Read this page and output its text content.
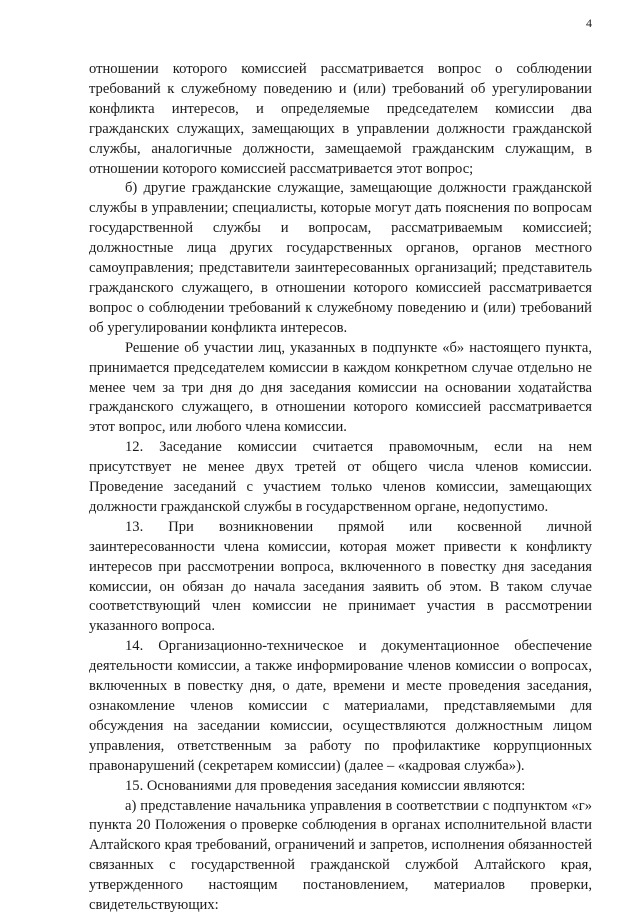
4

отношении которого комиссией рассматривается вопрос о соблюдении требований к служебному поведению и (или) требований об урегулировании конфликта интересов, и определяемые председателем комиссии два гражданских служащих, замещающих в управлении должности гражданской службы, аналогичные должности, замещаемой гражданским служащим, в отношении которого комиссией рассматривается этот вопрос;

б) другие гражданские служащие, замещающие должности гражданской службы в управлении; специалисты, которые могут дать пояснения по вопросам государственной службы и вопросам, рассматриваемым комиссией; должностные лица других государственных органов, органов местного самоуправления; представители заинтересованных организаций; представитель гражданского служащего, в отношении которого комиссией рассматривается вопрос о соблюдении требований к служебному поведению и (или) требований об урегулировании конфликта интересов.

Решение об участии лиц, указанных в подпункте «б» настоящего пункта, принимается председателем комиссии в каждом конкретном случае отдельно не менее чем за три дня до дня заседания комиссии на основании ходатайства гражданского служащего, в отношении которого комиссией рассматривается этот вопрос, или любого члена комиссии.

12. Заседание комиссии считается правомочным, если на нем присутствует не менее двух третей от общего числа членов комиссии. Проведение заседаний с участием только членов комиссии, замещающих должности гражданской службы в государственном органе, недопустимо.

13. При возникновении прямой или косвенной личной заинтересованности члена комиссии, которая может привести к конфликту интересов при рассмотрении вопроса, включенного в повестку дня заседания комиссии, он обязан до начала заседания заявить об этом. В таком случае соответствующий член комиссии не принимает участия в рассмотрении указанного вопроса.

14. Организационно-техническое и документационное обеспечение деятельности комиссии, а также информирование членов комиссии о вопросах, включенных в повестку дня, о дате, времени и месте проведения заседания, ознакомление членов комиссии с материалами, представляемыми для обсуждения на заседании комиссии, осуществляются должностным лицом управления, ответственным за работу по профилактике коррупционных правонарушений (секретарем комиссии) (далее – «кадровая служба»).

15. Основаниями для проведения заседания комиссии являются:

а) представление начальника управления в соответствии с подпунктом «г» пункта 20 Положения о проверке соблюдения в органах исполнительной власти Алтайского края требований, ограничений и запретов, исполнения обязанностей связанных с государственной гражданской службой Алтайского края, утвержденного настоящим постановлением, материалов проверки, свидетельствующих:
